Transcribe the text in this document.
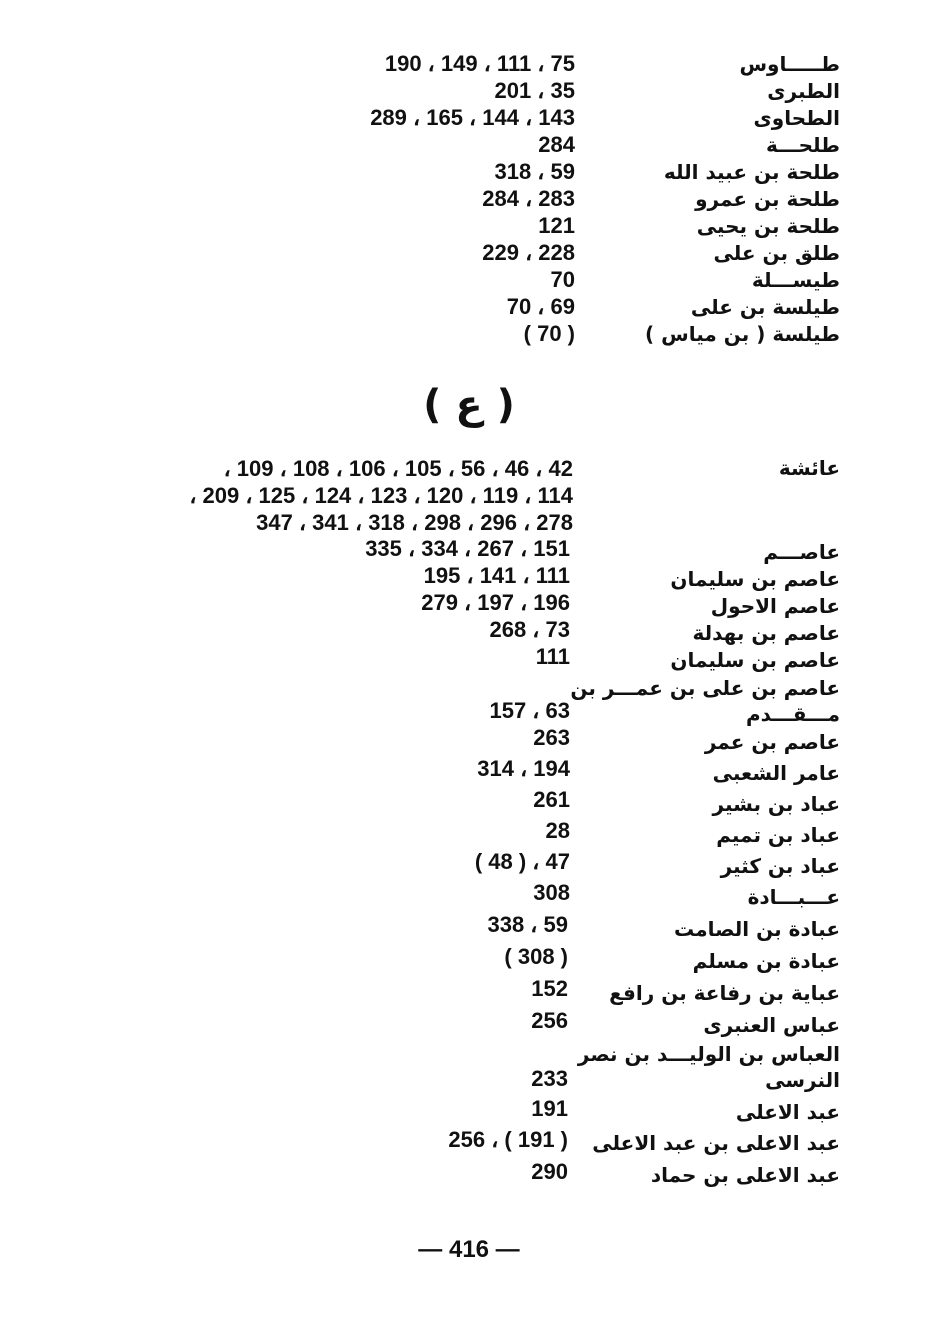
طـــــاوس
190 ، 149 ، 111 ، 75
الطبرى
201 ، 35
الطحاوى
289 ، 165 ، 144 ، 143
طلحـــة
284
طلحة بن عبيد الله
318 ، 59
طلحة بن عمرو
284 ، 283
طلحة بن يحيى
121
طلق بن على
229 ، 228
طيســـلة
70
طيلسة بن على
70 ، 69
طيلسة ( بن مياس )
( 70 )
( ع )
عائشة
، 109 ، 108 ، 106 ، 105 ، 56 ، 46 ، 42
، 209 ، 125 ، 124 ، 123 ، 120 ، 119 ، 114
347 ، 341 ، 318 ، 298 ، 296 ، 278
عاصـــم
335 ، 334 ، 267 ، 151
عاصم بن سليمان
195 ، 141 ، 111
عاصم الاحول
279 ، 197 ، 196
عاصم بن بهدلة
268 ، 73
عاصم بن سليمان
111
عاصم بن على بن عمـــر بن
مـــقـــدم
157 ، 63
عاصم بن عمر
263
عامر الشعبى
314 ، 194
عباد بن بشير
261
عباد بن تميم
28
عباد بن كثير
( 48 ) ، 47
عـــبـــادة
308
عبادة بن الصامت
338 ، 59
عبادة بن مسلم
( 308 )
عباية بن رفاعة بن رافع
152
عباس العنبرى
256
العباس بن الوليـــد بن نصر
النرسى
233
عبد الاعلى
191
عبد الاعلى بن عبد الاعلى
256 ، ( 191 )
عبد الاعلى بن حماد
290
— 416 —
